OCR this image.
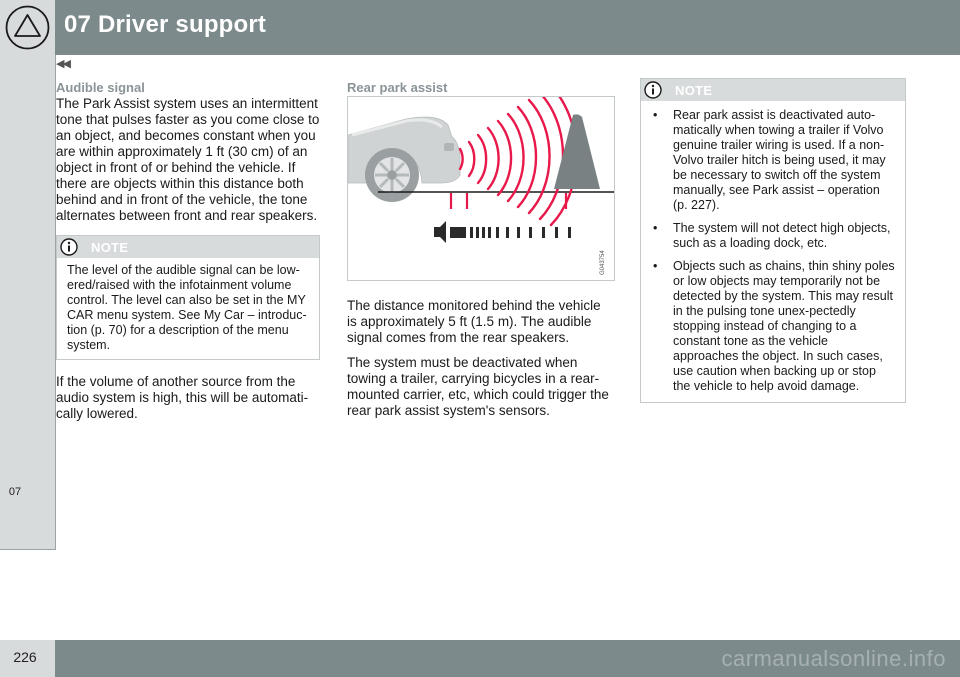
07 Driver support
◀◀
07
226	carmanualsonline.info
Audible signal

The Park Assist system uses an intermittent tone that pulses faster as you come close to an object, and becomes constant when you are within approximately 1 ft (30 cm) of an object in front of or behind the vehicle. If there are objects within this distance both behind and in front of the vehicle, the tone alternates between front and rear speakers.

NOTE
The level of the audible signal can be low-ered/raised with the infotainment volume control. The level can also be set in the MY CAR menu system. See My Car – introduc-tion (p. 70) for a description of the menu system.

If the volume of another source from the audio system is high, this will be automati-cally lowered.

Rear park assist
G043754

The distance monitored behind the vehicle is approximately 5 ft (1.5 m). The audible signal comes from the rear speakers.

The system must be deactivated when towing a trailer, carrying bicycles in a rear-mounted carrier, etc, which could trigger the rear park assist system's sensors.

NOTE
• Rear park assist is deactivated auto-matically when towing a trailer if Volvo genuine trailer wiring is used. If a non-Volvo trailer hitch is being used, it may be necessary to switch off the system manually, see Park assist – operation (p. 227).
• The system will not detect high objects, such as a loading dock, etc.
• Objects such as chains, thin shiny poles or low objects may temporarily not be detected by the system. This may result in the pulsing tone unex-pectedly stopping instead of changing to a constant tone as the vehicle approaches the object. In such cases, use caution when backing up or stop the vehicle to help avoid damage.
